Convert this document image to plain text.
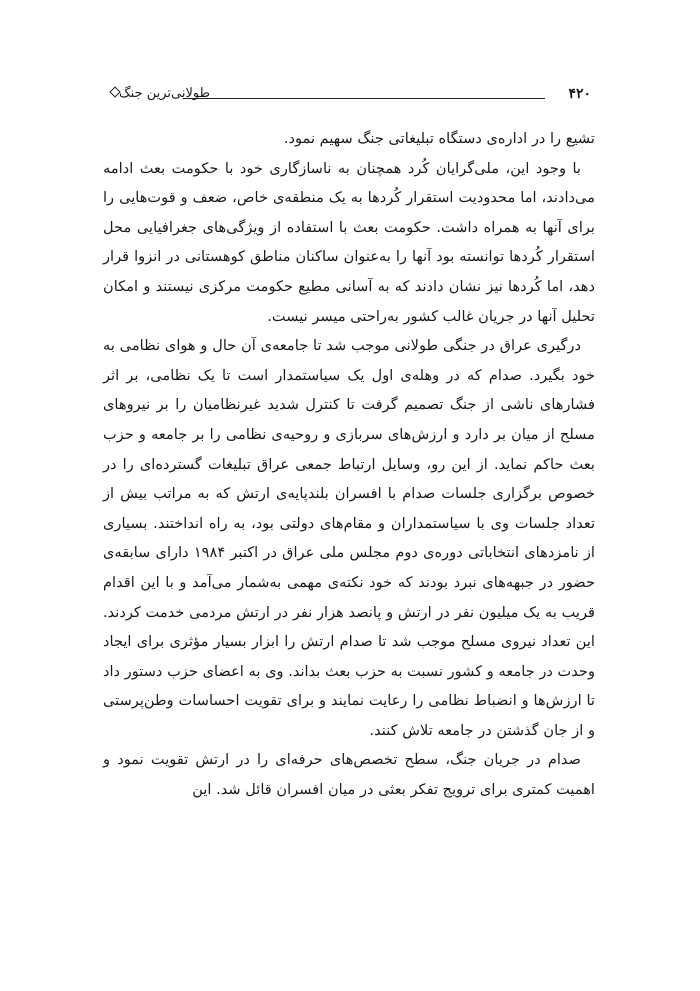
۴۲۰
طولانی‌ترین جنگ

تشیع را در اداره‌ی دستگاه تبلیغاتی جنگ سهیم نمود.

با وجود این، ملی‌گرایان کُرد همچنان به ناسازگاری خود با حکومت بعث ادامه می‌دادند، اما محدودیت استقرار کُردها به یک منطقه‌ی خاص، ضعف و قوت‌هایی را برای آنها به همراه داشت. حکومت بعث با استفاده از ویژگی‌های جغرافیایی محل استقرار کُردها توانسته بود آنها را به‌عنوان ساکنان مناطق کوهستانی در انزوا قرار دهد، اما کُردها نیز نشان دادند که به آسانی مطیع حکومت مرکزی نیستند و امکان تحلیل آنها در جریان غالب کشور به‌راحتی میسر نیست.

درگیری عراق در جنگی طولانی موجب شد تا جامعه‌ی آن حال و هوای نظامی به خود بگیرد. صدام که در وهله‌ی اول یک سیاستمدار است تا یک نظامی، بر اثر فشارهای ناشی از جنگ تصمیم گرفت تا کنترل شدید غیرنظامیان را بر نیروهای مسلح از میان بر دارد و ارزش‌های سربازی و روحیه‌ی نظامی را بر جامعه و حزب بعث حاکم نماید. از این رو، وسایل ارتباط جمعی عراق تبلیغات گسترده‌ای را در خصوص برگزاری جلسات صدام با افسران بلندپایه‌ی ارتش که به مراتب بیش از تعداد جلسات وی با سیاستمداران و مقام‌های دولتی بود، به راه انداختند. بسیاری از نامزدهای انتخاباتی دوره‌ی دوم مجلس ملی عراق در اکتبر ۱۹۸۴ دارای سابقه‌ی حضور در جبهه‌های نبرد بودند که خود نکته‌ی مهمی به‌شمار می‌آمد و با این اقدام قریب به یک میلیون نفر در ارتش و پانصد هزار نفر در ارتش مردمی خدمت کردند. این تعداد نیروی مسلح موجب شد تا صدام ارتش را ابزار بسیار مؤثری برای ایجاد وحدت در جامعه و کشور نسبت به حزب بعث بداند. وی به اعضای حزب دستور داد تا ارزش‌ها و انضباط نظامی را رعایت نمایند و برای تقویت احساسات وطن‌پرستی و از جان گذشتن در جامعه تلاش کنند.

صدام در جریان جنگ، سطح تخصص‌های حرفه‌ای را در ارتش تقویت نمود و اهمیت کمتری برای ترویج تفکر بعثی در میان افسران قائل شد. این
